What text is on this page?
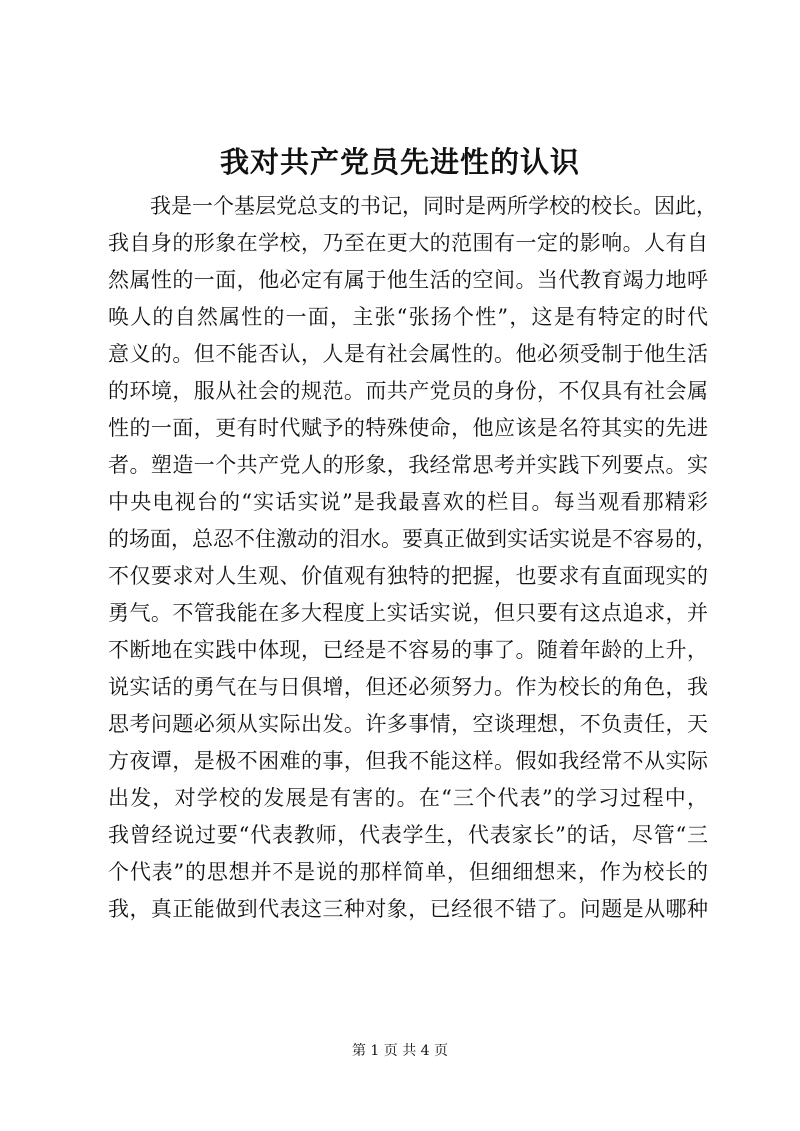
我对共产党员先进性的认识
我是一个基层党总支的书记，同时是两所学校的校长。因此，
我自身的形象在学校，乃至在更大的范围有一定的影响。人有自
然属性的一面，他必定有属于他生活的空间。当代教育竭力地呼
唤人的自然属性的一面，主张“张扬个性”，这是有特定的时代
意义的。但不能否认，人是有社会属性的。他必须受制于他生活
的环境，服从社会的规范。而共产党员的身份，不仅具有社会属
性的一面，更有时代赋予的特殊使命，他应该是名符其实的先进
者。塑造一个共产党人的形象，我经常思考并实践下列要点。实
中央电视台的“实话实说”是我最喜欢的栏目。每当观看那精彩
的场面，总忍不住激动的泪水。要真正做到实话实说是不容易的，
不仅要求对人生观、价值观有独特的把握，也要求有直面现实的
勇气。不管我能在多大程度上实话实说，但只要有这点追求，并
不断地在实践中体现，已经是不容易的事了。随着年龄的上升，
说实话的勇气在与日俱增，但还必须努力。作为校长的角色，我
思考问题必须从实际出发。许多事情，空谈理想，不负责任，天
方夜谭，是极不困难的事，但我不能这样。假如我经常不从实际
出发，对学校的发展是有害的。在“三个代表”的学习过程中，
我曾经说过要“代表教师，代表学生，代表家长”的话，尽管“三
个代表”的思想并不是说的那样简单，但细细想来，作为校长的
我，真正能做到代表这三种对象，已经很不错了。问题是从哪种
第 1 页 共 4 页
